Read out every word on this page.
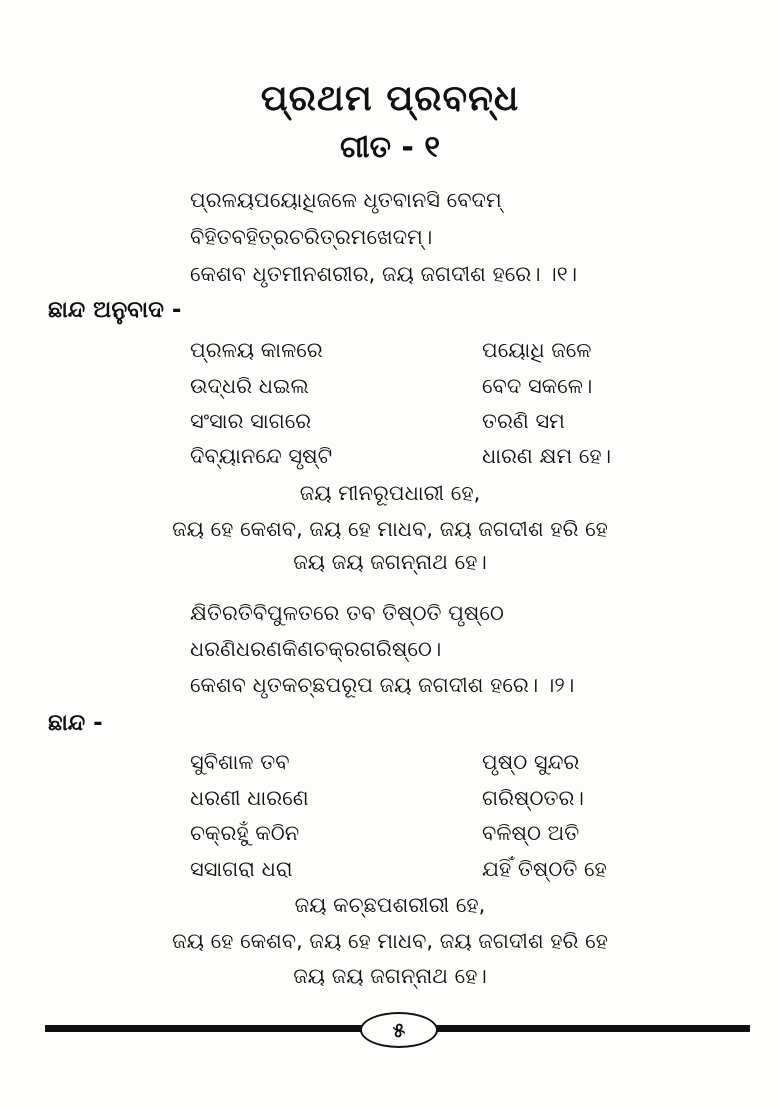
ପ୍ରଥମ ପ୍ରବନ୍ଧ
ଗୀତ - ୧
ପ୍ରଳୟପୟୋଧିଜଳେ ଧୃତବାନସି ବେଦମ୍
ବିହିତବହିତ୍ରଚରିତ୍ରମଖେଦମ୍।
କେଶବ ଧୃତମୀନଶରୀର, ଜୟ ଜଗଦୀଶ ହରେ। ।୧।
ଛାନ୍ଦ ଅନୁବାଦ -
ପ୍ରଳୟ କାଳରେ	ପୟୋଧି ଜଳେ
ଉଦ୍ଧରି ଧଇଲ	ବେଦ ସକଳେ।
ସଂସାର ସାଗରେ	ତରଣି ସମ
ଦିବ୍ୟାନନ୍ଦେ ସୃଷ୍ଟି	ଧାରଣ କ୍ଷମ ହେ।
ଜୟ ମୀନରୂପଧାରୀ ହେ,
ଜୟ ହେ କେଶବ, ଜୟ ହେ ମାଧବ, ଜୟ ଜଗଦୀଶ ହରି ହେ
ଜୟ ଜୟ ଜଗନ୍ନାଥ ହେ।
କ୍ଷିତିରତିବିପୁଳତରେ ତବ ତିଷ୍ଠତି ପୃଷ୍ଠେ
ଧରଣିଧରଣକିଣଚକ୍ରଗରିଷ୍ଠେ।
କେଶବ ଧୃତକଚ୍ଛପରୂପ ଜୟ ଜଗଦୀଶ ହରେ। ।୨।
ଛାନ୍ଦ -
ସୁବିଶାଳ ତବ	ପୃଷ୍ଠ ସୁନ୍ଦର
ଧରଣୀ ଧାରଣେ	ଗରିଷ୍ଠତର।
ଚକ୍ରହୁଁ କଠିନ	ବଳିଷ୍ଠ ଅତି
ସସାଗରା ଧରା	ଯହିଁ ତିଷ୍ଠତି ହେ
ଜୟ କଚ୍ଛପଶରୀରୀ ହେ,
ଜୟ ହେ କେଶବ, ଜୟ ହେ ମାଧବ, ଜୟ ଜଗଦୀଶ ହରି ହେ
ଜୟ ଜୟ ଜଗନ୍ନାଥ ହେ।
୫
